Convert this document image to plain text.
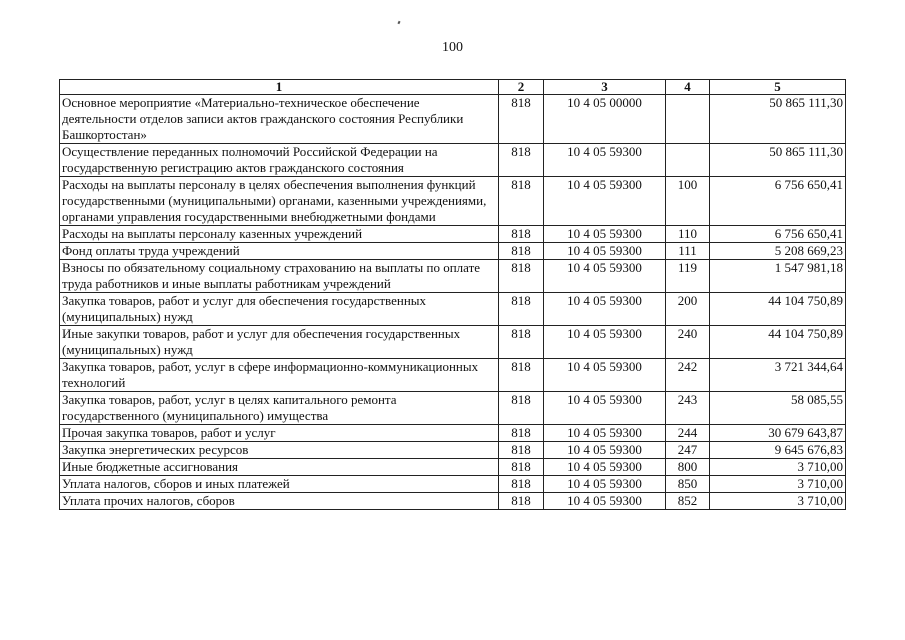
100
1	2	3	4	5
Основное мероприятие «Материально-техническое обеспечение деятельности отделов записи актов гражданского состояния Республики Башкортостан»	818	10 4 05 00000		50 865 111,30
Осуществление переданных полномочий Российской Федерации на государственную регистрацию актов гражданского состояния	818	10 4 05 59300		50 865 111,30
Расходы на выплаты персоналу в целях обеспечения выполнения функций государственными (муниципальными) органами, казенными учреждениями, органами управления государственными внебюджетными фондами	818	10 4 05 59300	100	6 756 650,41
Расходы на выплаты персоналу казенных учреждений	818	10 4 05 59300	110	6 756 650,41
Фонд оплаты труда учреждений	818	10 4 05 59300	111	5 208 669,23
Взносы по обязательному социальному страхованию на выплаты по оплате труда работников и иные выплаты работникам учреждений	818	10 4 05 59300	119	1 547 981,18
Закупка товаров, работ и услуг для обеспечения государственных (муниципальных) нужд	818	10 4 05 59300	200	44 104 750,89
Иные закупки товаров, работ и услуг для обеспечения государственных (муниципальных) нужд	818	10 4 05 59300	240	44 104 750,89
Закупка товаров, работ, услуг в сфере информационно-коммуникационных технологий	818	10 4 05 59300	242	3 721 344,64
Закупка товаров, работ, услуг в целях капитального ремонта государственного (муниципального) имущества	818	10 4 05 59300	243	58 085,55
Прочая закупка товаров, работ и услуг	818	10 4 05 59300	244	30 679 643,87
Закупка энергетических ресурсов	818	10 4 05 59300	247	9 645 676,83
Иные бюджетные ассигнования	818	10 4 05 59300	800	3 710,00
Уплата налогов, сборов и иных платежей	818	10 4 05 59300	850	3 710,00
Уплата прочих налогов, сборов	818	10 4 05 59300	852	3 710,00
